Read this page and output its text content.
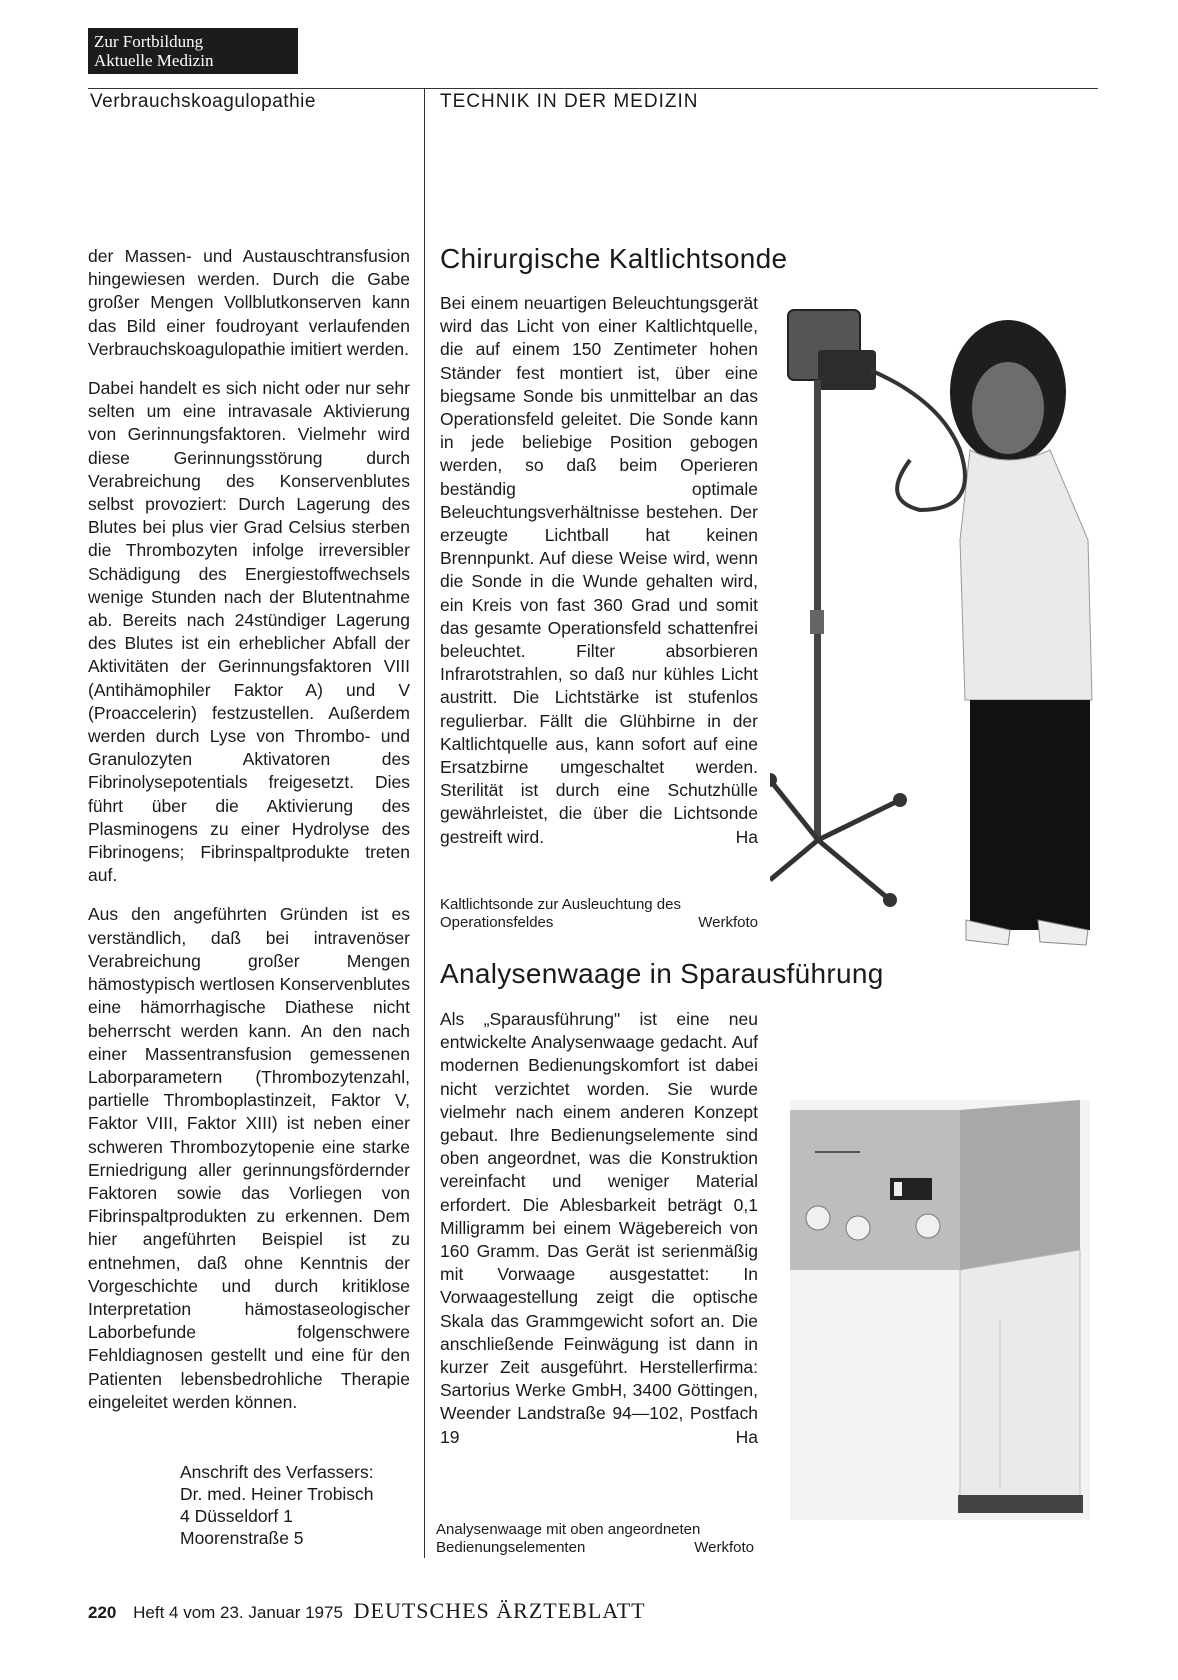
Zur Fortbildung
Aktuelle Medizin
Verbrauchskoagulopathie	TECHNIK IN DER MEDIZIN

der Massen- und Austauschtransfusion hingewiesen werden. Durch die Gabe großer Mengen Vollblutkonserven kann das Bild einer foudroyant verlaufenden Verbrauchskoagulopathie imitiert werden.

Dabei handelt es sich nicht oder nur sehr selten um eine intravasale Aktivierung von Gerinnungsfaktoren. Vielmehr wird diese Gerinnungsstörung durch Verabreichung des Konservenblutes selbst provoziert: Durch Lagerung des Blutes bei plus vier Grad Celsius sterben die Thrombozyten infolge irreversibler Schädigung des Energiestoffwechsels wenige Stunden nach der Blutentnahme ab. Bereits nach 24stündiger Lagerung des Blutes ist ein erheblicher Abfall der Aktivitäten der Gerinnungsfaktoren VIII (Antihämophiler Faktor A) und V (Proaccelerin) festzustellen. Außerdem werden durch Lyse von Thrombo- und Granulozyten Aktivatoren des Fibrinolysepotentials freigesetzt. Dies führt über die Aktivierung des Plasminogens zu einer Hydrolyse des Fibrinogens; Fibrinspaltprodukte treten auf.

Aus den angeführten Gründen ist es verständlich, daß bei intravenöser Verabreichung großer Mengen hämostypisch wertlosen Konservenblutes eine hämorrhagische Diathese nicht beherrscht werden kann. An den nach einer Massentransfusion gemessenen Laborparametern (Thrombozytenzahl, partielle Thromboplastinzeit, Faktor V, Faktor VIII, Faktor XIII) ist neben einer schweren Thrombozytopenie eine starke Erniedrigung aller gerinnungsfördernder Faktoren sowie das Vorliegen von Fibrinspaltprodukten zu erkennen. Dem hier angeführten Beispiel ist zu entnehmen, daß ohne Kenntnis der Vorgeschichte und durch kritiklose Interpretation hämostaseologischer Laborbefunde folgenschwere Fehldiagnosen gestellt und eine für den Patienten lebensbedrohliche Therapie eingeleitet werden können.

Anschrift des Verfassers:
Dr. med. Heiner Trobisch
4 Düsseldorf 1
Moorenstraße 5
Chirurgische Kaltlichtsonde

Bei einem neuartigen Beleuchtungsgerät wird das Licht von einer Kaltlichtquelle, die auf einem 150 Zentimeter hohen Ständer fest montiert ist, über eine biegsame Sonde bis unmittelbar an das Operationsfeld geleitet. Die Sonde kann in jede beliebige Position gebogen werden, so daß beim Operieren beständig optimale Beleuchtungsverhältnisse bestehen. Der erzeugte Lichtball hat keinen Brennpunkt. Auf diese Weise wird, wenn die Sonde in die Wunde gehalten wird, ein Kreis von fast 360 Grad und somit das gesamte Operationsfeld schattenfrei beleuchtet. Filter absorbieren Infrarotstrahlen, so daß nur kühles Licht austritt. Die Lichtstärke ist stufenlos regulierbar. Fällt die Glühbirne in der Kaltlichtquelle aus, kann sofort auf eine Ersatzbirne umgeschaltet werden. Sterilität ist durch eine Schutzhülle gewährleistet, die über die Lichtsonde gestreift wird.	Ha

Kaltlichtsonde zur Ausleuchtung des
Operationsfeldes	Werkfoto
Analysenwaage in Sparausführung

Als „Sparausführung" ist eine neu entwickelte Analysenwaage gedacht. Auf modernen Bedienungskomfort ist dabei nicht verzichtet worden. Sie wurde vielmehr nach einem anderen Konzept gebaut. Ihre Bedienungselemente sind oben angeordnet, was die Konstruktion vereinfacht und weniger Material erfordert. Die Ablesbarkeit beträgt 0,1 Milligramm bei einem Wägebereich von 160 Gramm. Das Gerät ist serienmäßig mit Vorwaage ausgestattet: In Vorwaagestellung zeigt die optische Skala das Grammgewicht sofort an. Die anschließende Feinwägung ist dann in kurzer Zeit ausgeführt. Herstellerfirma: Sartorius Werke GmbH, 3400 Göttingen, Weender Landstraße 94—102, Postfach 19	Ha

Analysenwaage mit oben angeordneten
Bedienungselementen	Werkfoto
220 Heft 4 vom 23. Januar 1975 DEUTSCHES ÄRZTEBLATT
